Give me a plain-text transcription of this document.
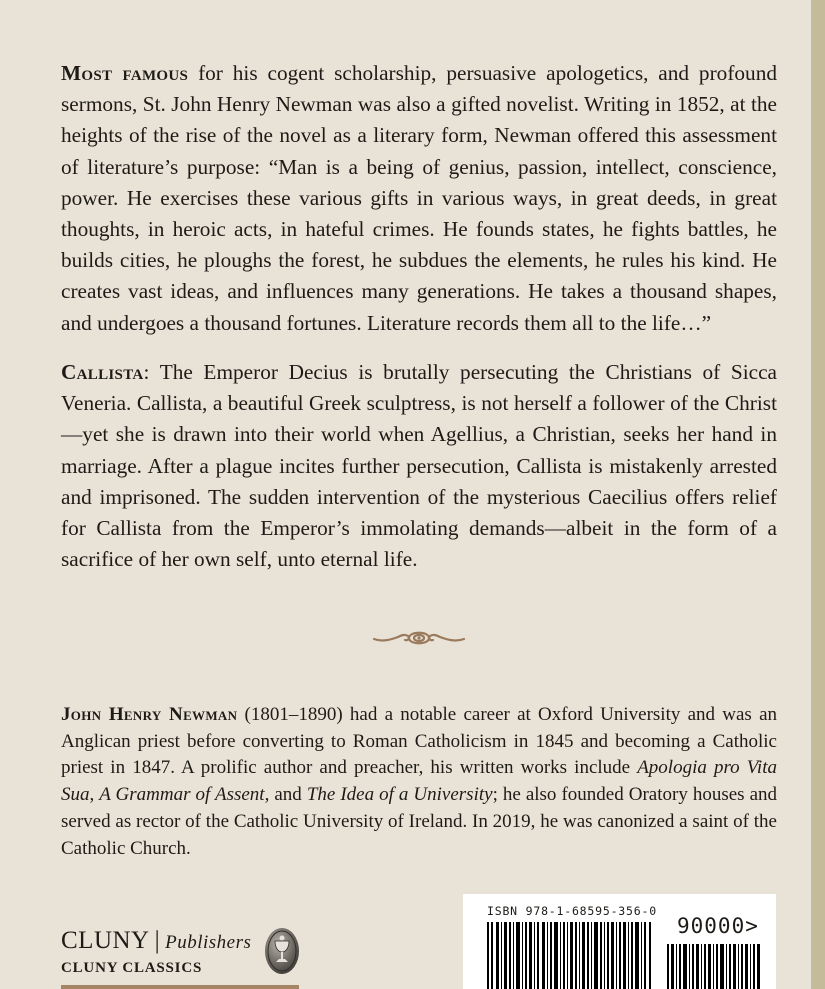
Most famous for his cogent scholarship, persuasive apologetics, and profound sermons, St. John Henry Newman was also a gifted novelist. Writing in 1852, at the heights of the rise of the novel as a literary form, Newman offered this assessment of literature’s purpose: “Man is a being of genius, passion, intellect, conscience, power. He exercises these various gifts in various ways, in great deeds, in great thoughts, in heroic acts, in hateful crimes. He founds states, he fights battles, he builds cities, he ploughs the forest, he subdues the elements, he rules his kind. He creates vast ideas, and influences many generations. He takes a thousand shapes, and undergoes a thousand fortunes. Literature records them all to the life…”

Callista: The Emperor Decius is brutally persecuting the Christians of Sicca Veneria. Callista, a beautiful Greek sculptress, is not herself a follower of the Christ—yet she is drawn into their world when Agellius, a Christian, seeks her hand in marriage. After a plague incites further persecution, Callista is mistakenly arrested and imprisoned. The sudden intervention of the mysterious Caecilius offers relief for Callista from the Emperor’s immolating demands—albeit in the form of a sacrifice of her own self, unto eternal life.

John Henry Newman (1801–1890) had a notable career at Oxford University and was an Anglican priest before converting to Roman Catholicism in 1845 and becoming a Catholic priest in 1847. A prolific author and preacher, his written works include Apologia pro Vita Sua, A Grammar of Assent, and The Idea of a University; he also founded Oratory houses and served as rector of the Catholic University of Ireland. In 2019, he was canonized a saint of the Catholic Church.

CLUNY | Publishers
CLUNY CLASSICS
ISBN 978-1-68595-356-0
90000>
